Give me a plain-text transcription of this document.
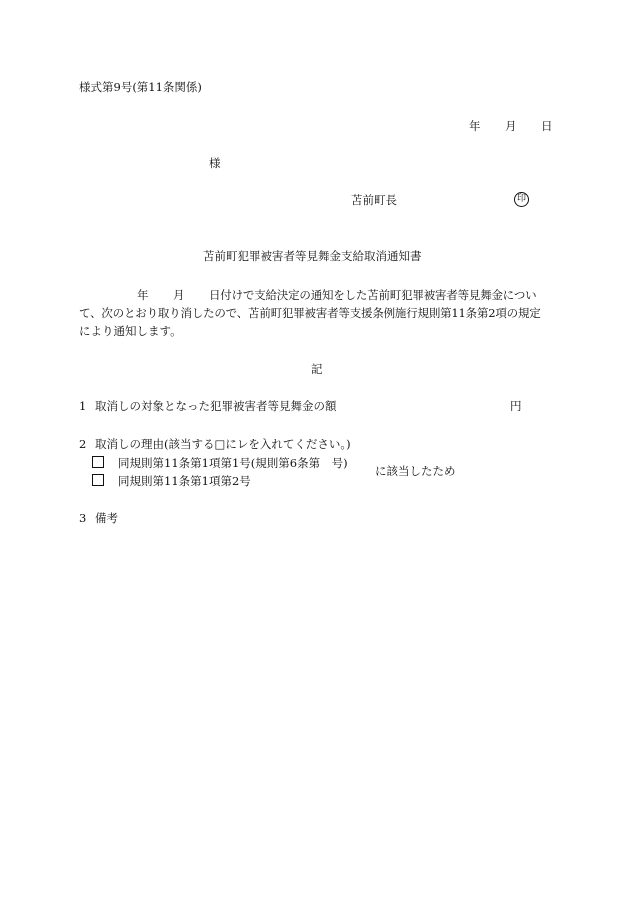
様式第9号(第11条関係)
年 月 日
様
苫前町長	印
苫前町犯罪被害者等見舞金支給取消通知書
年 月 日付けで支給決定の通知をした苫前町犯罪被害者等見舞金につい
て、次のとおり取り消したので、苫前町犯罪被害者等支援条例施行規則第11条第2項の規定
により通知します。
記
1 取消しの対象となった犯罪被害者等見舞金の額	円
2 取消しの理由(該当する□にレを入れてください。)
同規則第11条第1項第1号(規則第6条第　号)
同規則第11条第1項第2号
に該当したため
3 備考
